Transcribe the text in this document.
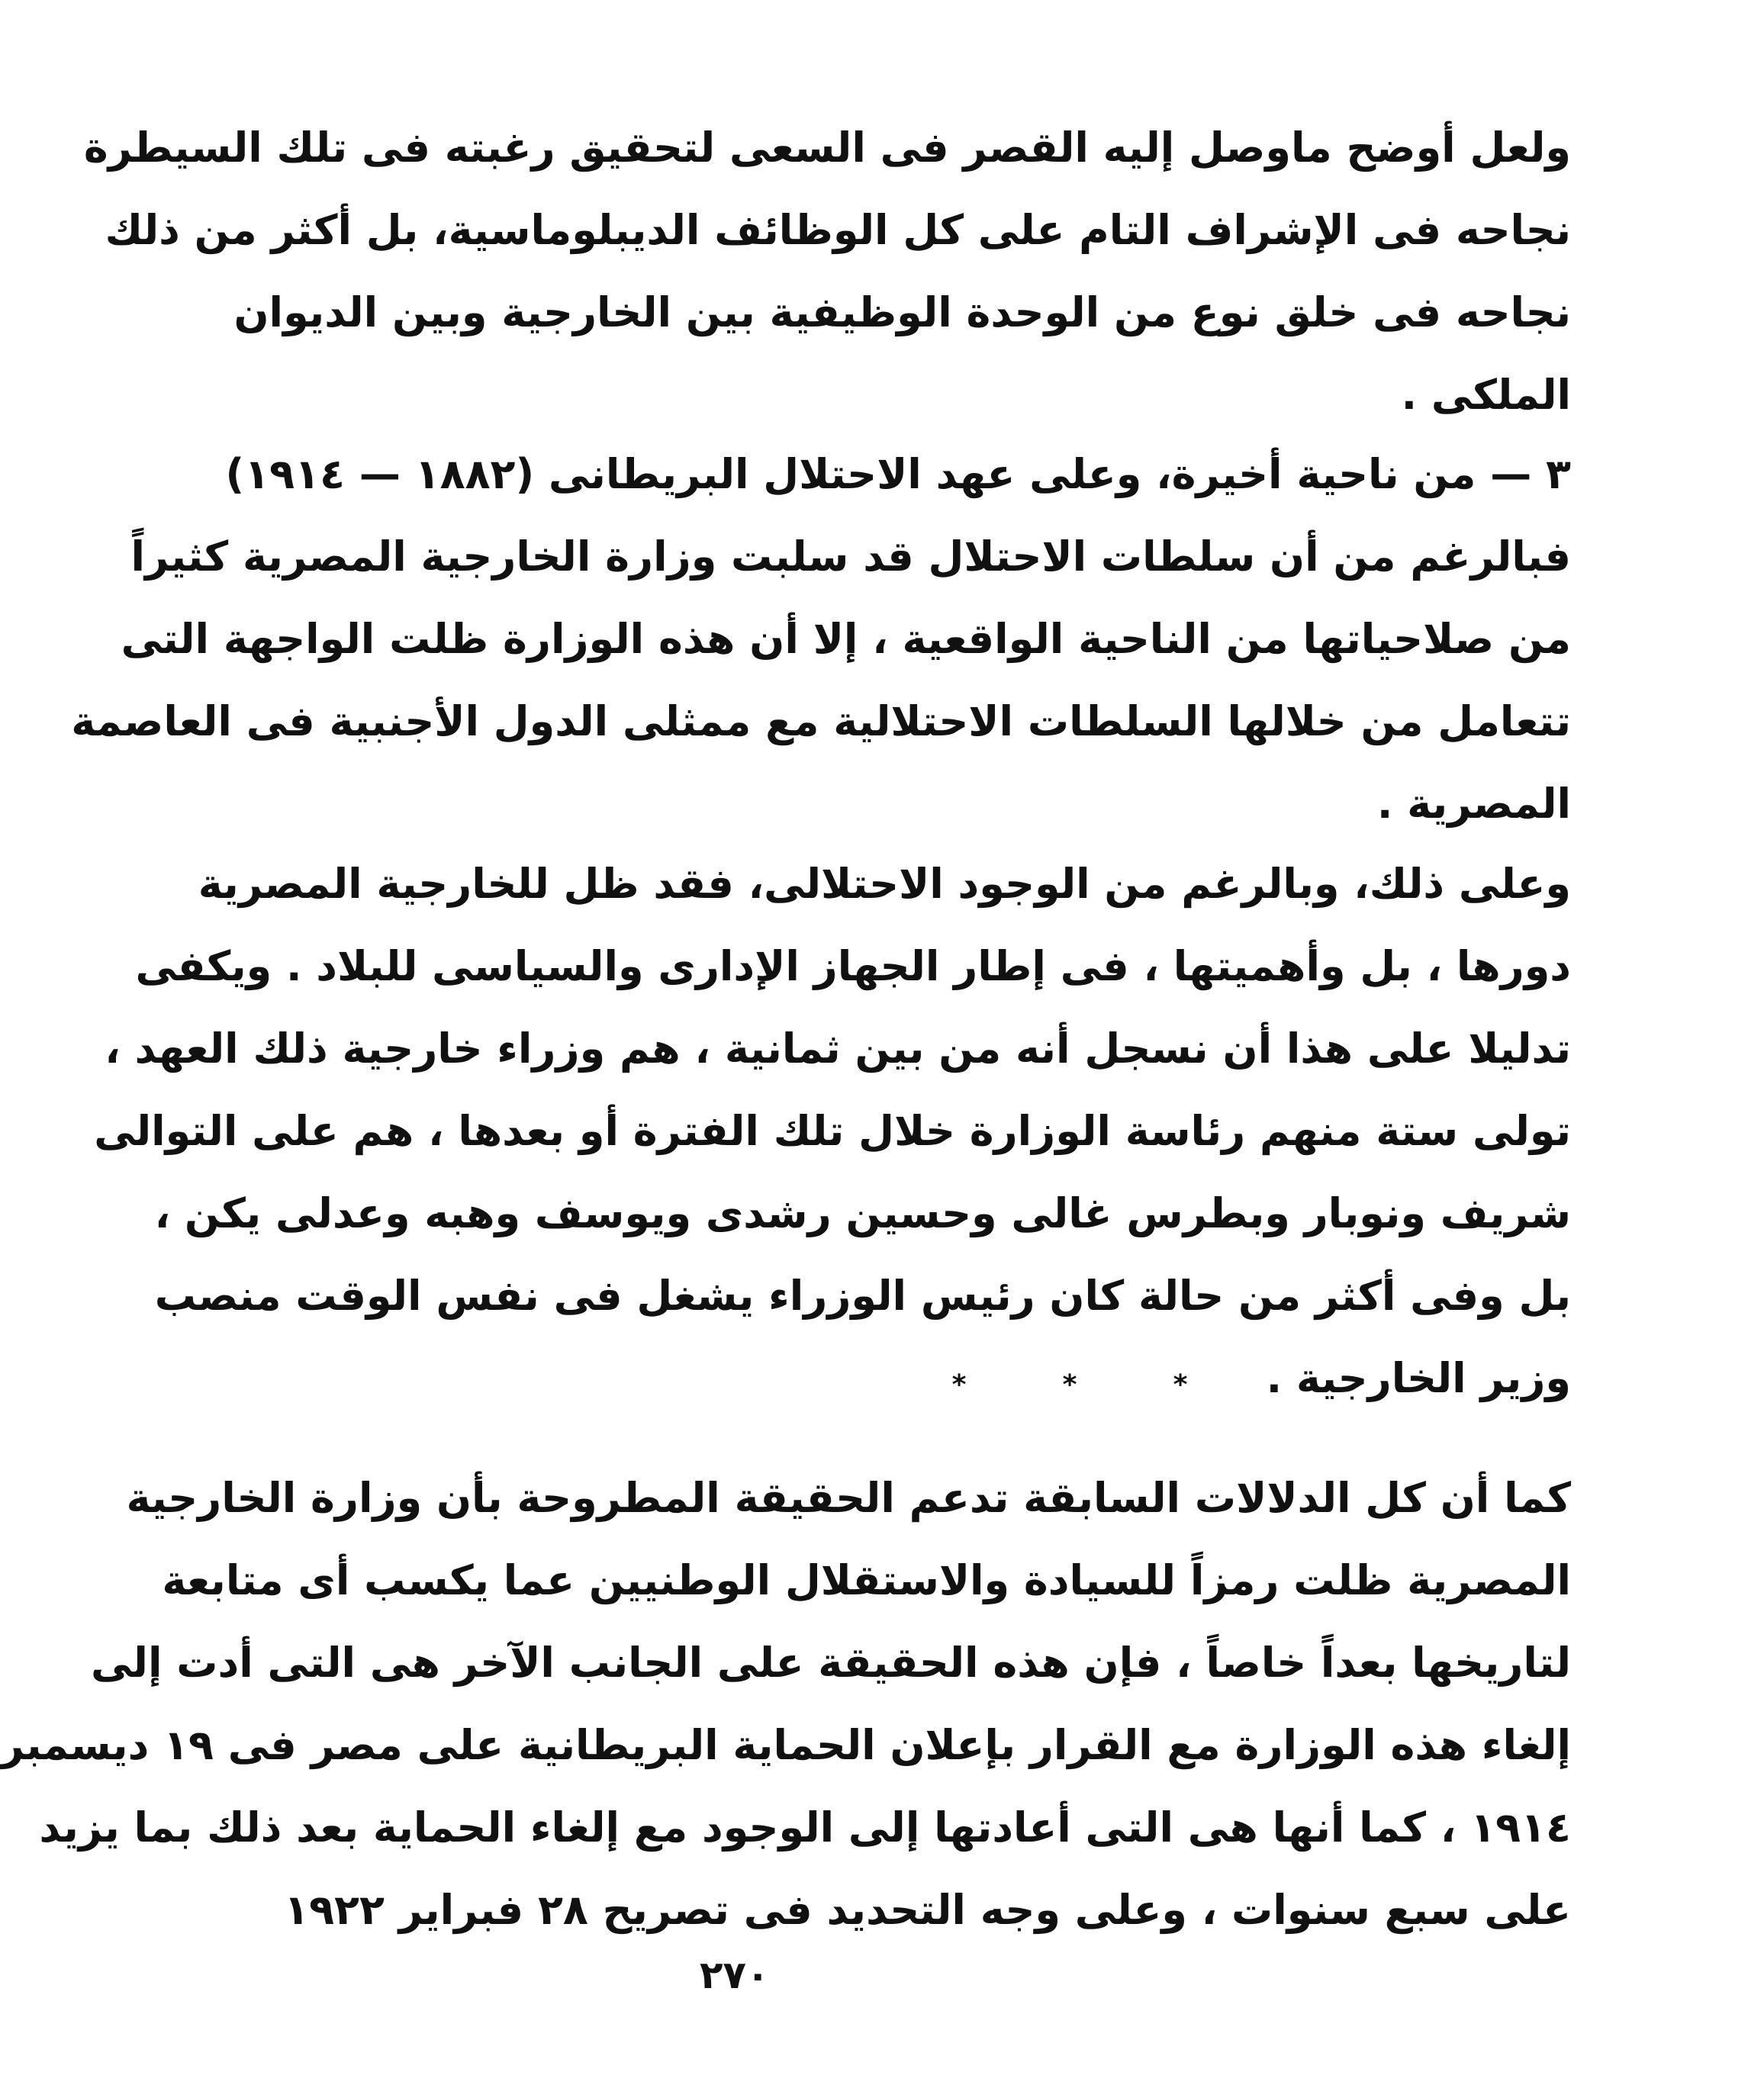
ولعل أوضح ماوصل إليه القصر فى السعى لتحقيق رغبته فى تلك السيطرة
نجاحه فى الإشراف التام على كل الوظائف الديبلوماسية، بل أكثر من ذلك
نجاحه فى خلق نوع من الوحدة الوظيفية بين الخارجية وبين الديوان
الملكى .
٣ — من ناحية أخيرة، وعلى عهد الاحتلال البريطانى (١٨٨٢ — ١٩١٤)
فبالرغم من أن سلطات الاحتلال قد سلبت وزارة الخارجية المصرية كثيراً
من صلاحياتها من الناحية الواقعية ، إلا أن هذه الوزارة ظلت الواجهة التى
تتعامل من خلالها السلطات الاحتلالية مع ممثلى الدول الأجنبية فى العاصمة
المصرية .
وعلى ذلك، وبالرغم من الوجود الاحتلالى، فقد ظل للخارجية المصرية
دورها ، بل وأهميتها ، فى إطار الجهاز الإدارى والسياسى للبلاد . ويكفى
تدليلا على هذا أن نسجل أنه من بين ثمانية ، هم وزراء خارجية ذلك العهد ،
تولى ستة منهم رئاسة الوزارة خلال تلك الفترة أو بعدها ، هم على التوالى
شريف ونوبار وبطرس غالى وحسين رشدى ويوسف وهبه وعدلى يكن ،
بل وفى أكثر من حالة كان رئيس الوزراء يشغل فى نفس الوقت منصب
وزير الخارجية .
*	*	*
كما أن كل الدلالات السابقة تدعم الحقيقة المطروحة بأن وزارة الخارجية
المصرية ظلت رمزاً للسيادة والاستقلال الوطنيين عما يكسب أى متابعة
لتاريخها بعداً خاصاً ، فإن هذه الحقيقة على الجانب الآخر هى التى أدت إلى
إلغاء هذه الوزارة مع القرار بإعلان الحماية البريطانية على مصر فى ١٩ ديسمبر
١٩١٤ ، كما أنها هى التى أعادتها إلى الوجود مع إلغاء الحماية بعد ذلك بما يزيد
على سبع سنوات ، وعلى وجه التحديد فى تصريح ٢٨ فبراير ١٩٢٢
٢٧٠
